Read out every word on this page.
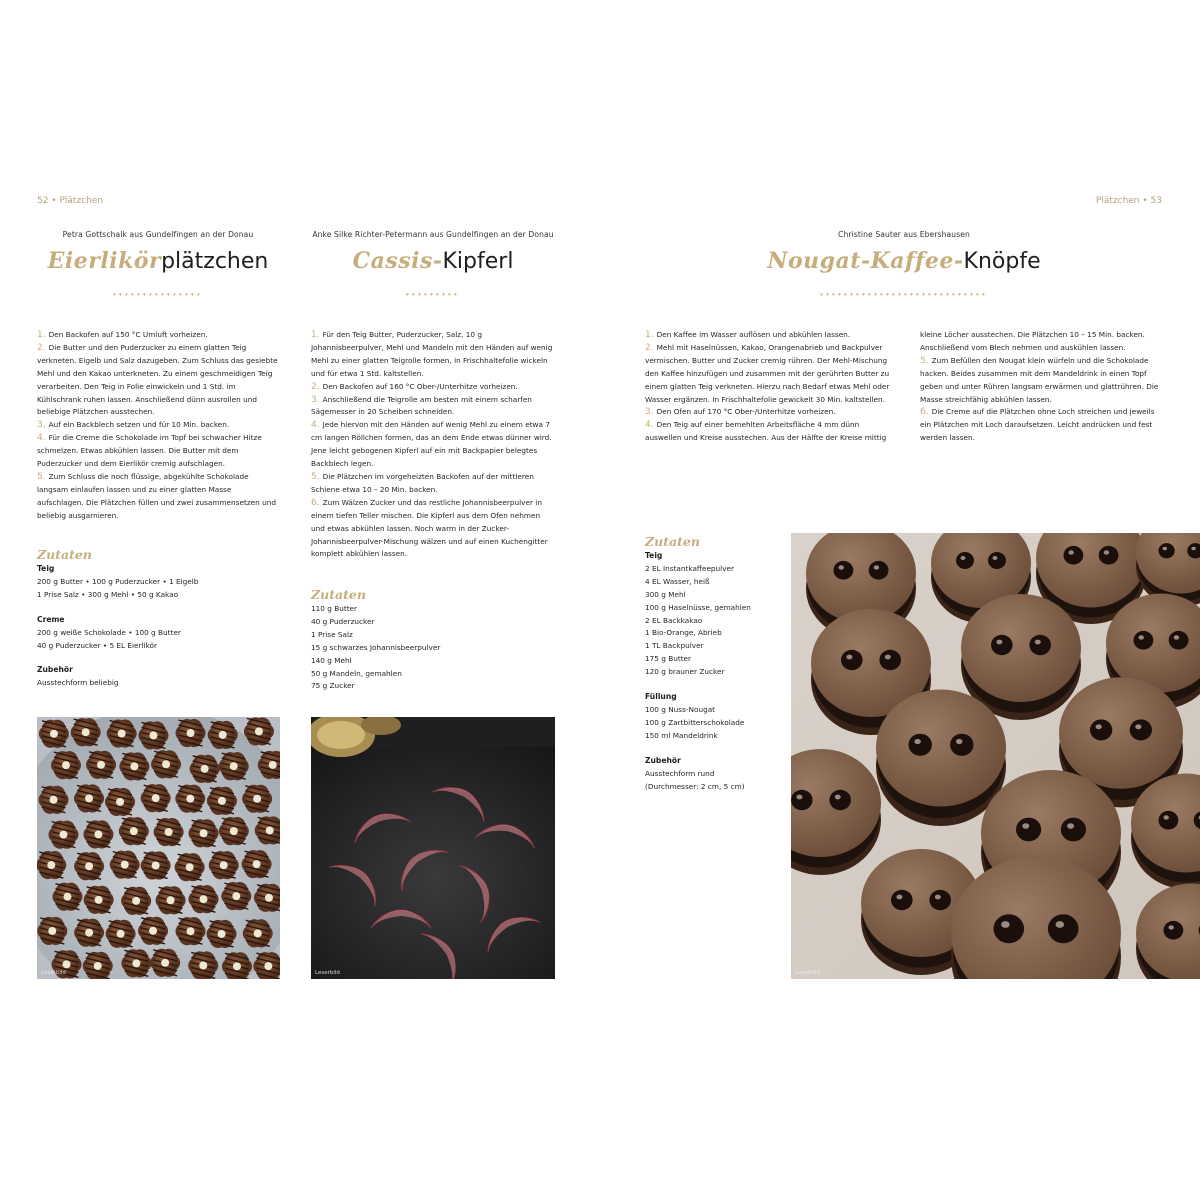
52 • Plätzchen	Plätzchen • 53
Petra Gottschalk aus Gundelfingen an der Donau
Eierlikörplätzchen
•••••••••••••••
Anke Silke Richter-Petermann aus Gundelfingen an der Donau
Cassis-Kipferl
•••••••••
Christine Sauter aus Ebershausen
Nougat-Kaffee-Knöpfe
••••••••••••••••••••••••••••
1. Den Backofen auf 150 °C Umluft vorheizen.
2. Die Butter und den Puderzucker zu einem glatten Teig verkneten. Eigelb und Salz dazugeben. Zum Schluss das gesiebte Mehl und den Kakao unterkneten. Zu einem geschmeidigen Teig verarbeiten. Den Teig in Folie einwickeln und 1 Std. im Kühlschrank ruhen lassen. Anschließend dünn ausrollen und beliebige Plätzchen ausstechen.
3. Auf ein Backblech setzen und für 10 Min. backen.
4. Für die Creme die Schokolade im Topf bei schwacher Hitze schmelzen. Etwas abkühlen lassen. Die Butter mit dem Puderzucker und dem Eierlikör cremig aufschlagen.
5. Zum Schluss die noch flüssige, abgekühlte Schokolade langsam einlaufen lassen und zu einer glatten Masse aufschlagen. Die Plätzchen füllen und zwei zusammensetzen und beliebig ausgarnieren.
Zutaten
Teig
200 g Butter • 100 g Puderzucker • 1 Eigelb
1 Prise Salz • 300 g Mehl • 50 g Kakao
Creme
200 g weiße Schokolade • 100 g Butter
40 g Puderzucker • 5 EL Eierlikör
Zubehör
Ausstechform beliebig
Leserbild
1. Für den Teig Butter, Puderzucker, Salz, 10 g Johannisbeerpulver, Mehl und Mandeln mit den Händen auf wenig Mehl zu einer glatten Teigrolle formen, in Frischhaltefolie wickeln und für etwa 1 Std. kaltstellen.
2. Den Backofen auf 160 °C Ober-/Unterhitze vorheizen.
3. Anschließend die Teigrolle am besten mit einem scharfen Sägemesser in 20 Scheiben schneiden.
4. Jede hiervon mit den Händen auf wenig Mehl zu einem etwa 7 cm langen Röllchen formen, das an dem Ende etwas dünner wird. Jene leicht gebogenen Kipferl auf ein mit Backpapier belegtes Backblech legen.
5. Die Plätzchen im vorgeheizten Backofen auf der mittleren Schiene etwa 10 – 20 Min. backen.
6. Zum Wälzen Zucker und das restliche Johannisbeerpulver in einem tiefen Teller mischen. Die Kipferl aus dem Ofen nehmen und etwas abkühlen lassen. Noch warm in der Zucker-Johannisbeerpulver-Mischung wälzen und auf einen Kuchengitter komplett abkühlen lassen.
Zutaten
110 g Butter
40 g Puderzucker
1 Prise Salz
15 g schwarzes Johannisbeerpulver
140 g Mehl
50 g Mandeln, gemahlen
75 g Zucker
Leserbild
1. Den Kaffee im Wasser auflösen und abkühlen lassen.
2. Mehl mit Haselnüssen, Kakao, Orangenabrieb und Backpulver vermischen. Butter und Zucker cremig rühren. Der Mehl-Mischung den Kaffee hinzufügen und zusammen mit der gerührten Butter zu einem glatten Teig verkneten. Hierzu nach Bedarf etwas Mehl oder Wasser ergänzen. In Frischhaltefolie gewickelt 30 Min. kaltstellen.
3. Den Ofen auf 170 °C Ober-/Unterhitze vorheizen.
4. Den Teig auf einer bemehlten Arbeitsfläche 4 mm dünn auswellen und Kreise ausstechen. Aus der Hälfte der Kreise mittig
kleine Löcher ausstechen. Die Plätzchen 10 – 15 Min. backen. Anschließend vom Blech nehmen und auskühlen lassen.
5. Zum Befüllen den Nougat klein würfeln und die Schokolade hacken. Beides zusammen mit dem Mandeldrink in einen Topf geben und unter Rühren langsam erwärmen und glattrühren. Die Masse streichfähig abkühlen lassen.
6. Die Creme auf die Plätzchen ohne Loch streichen und jeweils ein Plätzchen mit Loch daraufsetzen. Leicht andrücken und fest werden lassen.
Zutaten
Teig
2 EL Instantkaffeepulver
4 EL Wasser, heiß
300 g Mehl
100 g Haselnüsse, gemahlen
2 EL Backkakao
1 Bio-Orange, Abrieb
1 TL Backpulver
175 g Butter
120 g brauner Zucker
Füllung
100 g Nuss-Nougat
100 g Zartbitterschokolade
150 ml Mandeldrink
Zubehör
Ausstechform rund
(Durchmesser: 2 cm, 5 cm)
Leserbild
